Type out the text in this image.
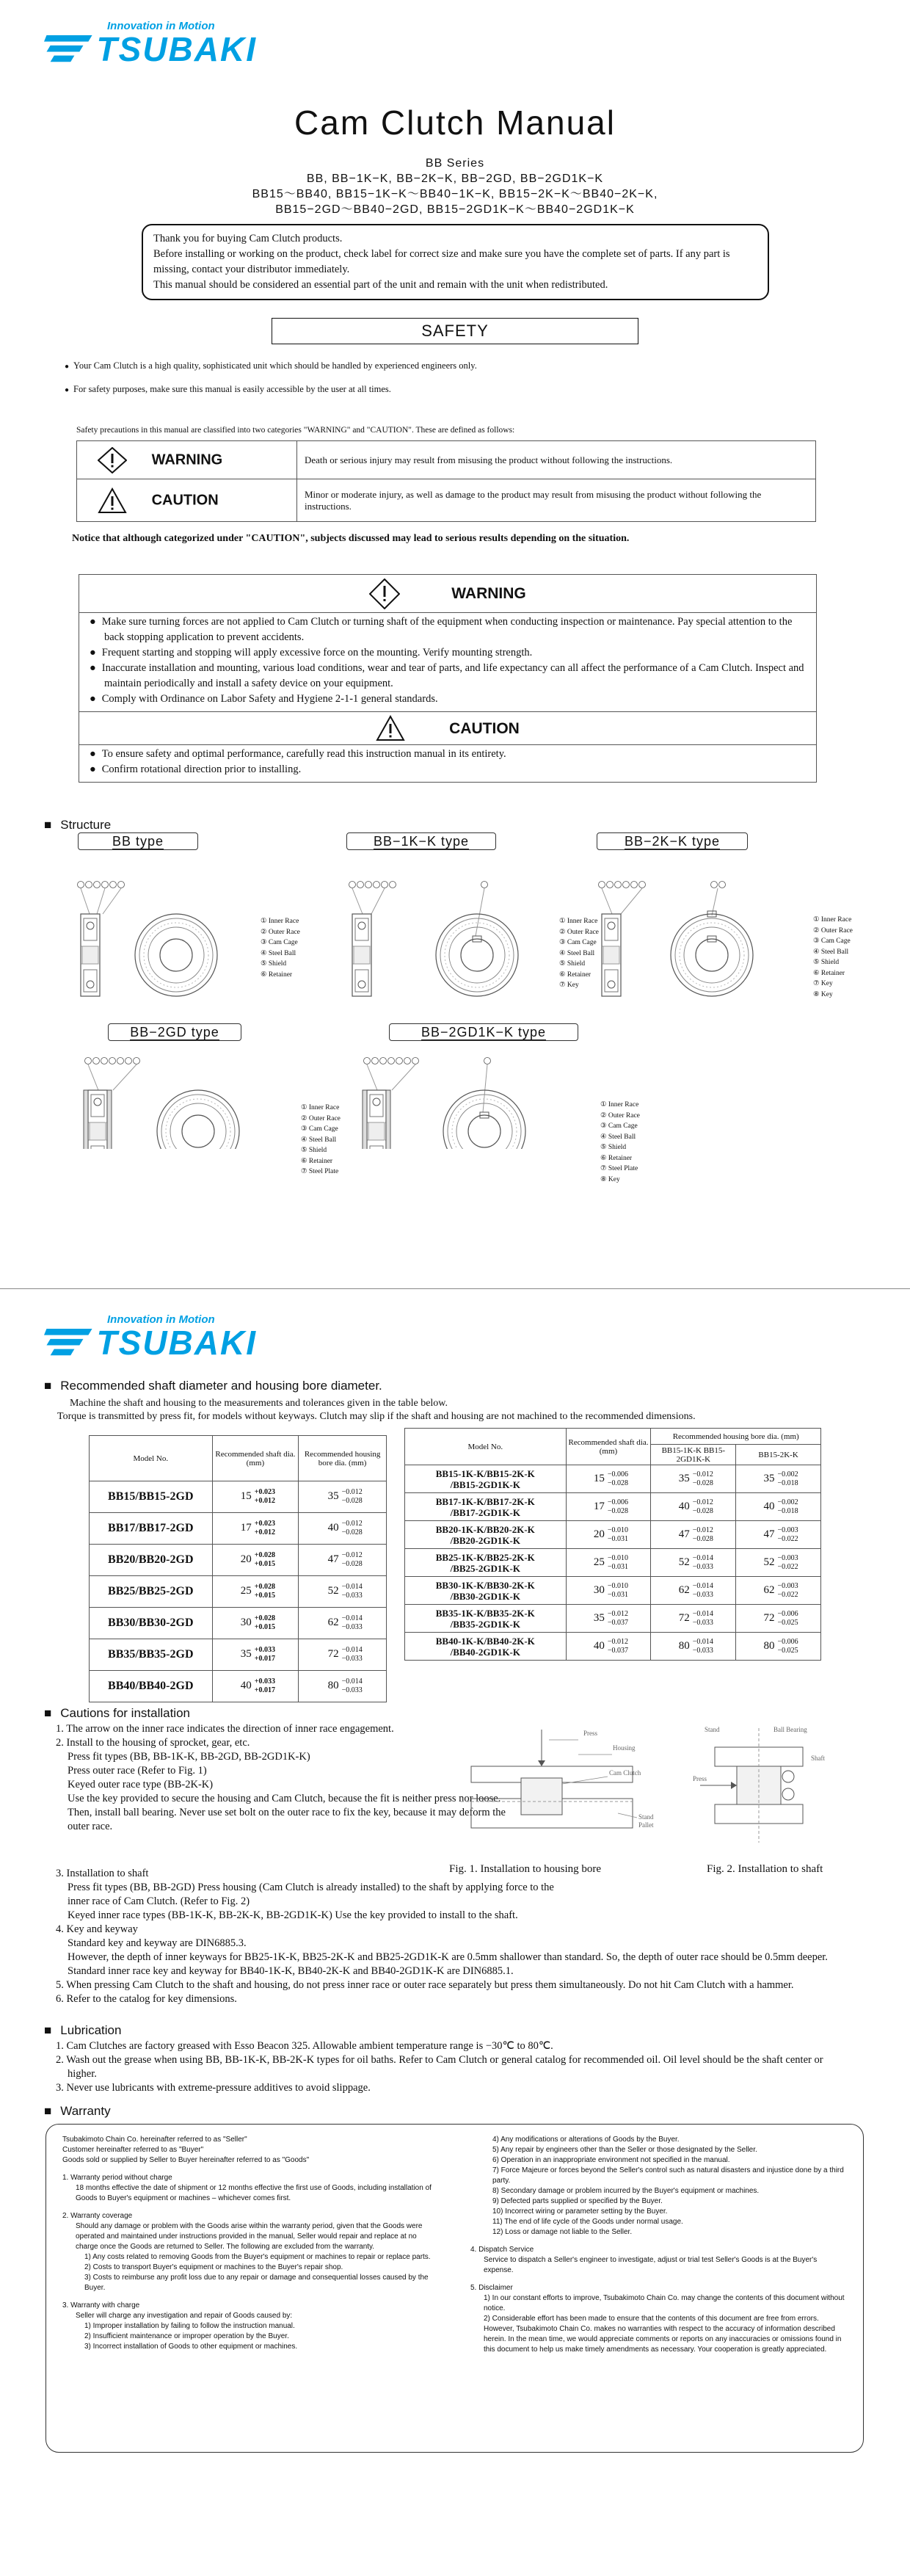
Innovation in Motion
TSUBAKI
Cam Clutch Manual
BB Series
BB, BB−1K−K, BB−2K−K, BB−2GD, BB−2GD1K−K
BB15～BB40, BB15−1K−K～BB40−1K−K, BB15−2K−K～BB40−2K−K,
BB15−2GD～BB40−2GD, BB15−2GD1K−K～BB40−2GD1K−K
Thank you for buying Cam Clutch products.
Before installing or working on the product, check label for correct size and make sure you have the complete set of parts. If any part is missing, contact your distributor immediately.
This manual should be considered an essential part of the unit and remain with the unit when redistributed.
SAFETY
● Your Cam Clutch is a high quality, sophisticated unit which should be handled by experienced engineers only.
● For safety purposes, make sure this manual is easily accessible by the user at all times.
Safety precautions in this manual are classified into two categories "WARNING" and "CAUTION". These are defined as follows:
WARNING	Death or serious injury may result from misusing the product without following the instructions.
CAUTION	Minor or moderate injury, as well as damage to the product may result from misusing the product without following the instructions.
Notice that although categorized under "CAUTION", subjects discussed may lead to serious results depending on the situation.
WARNING
● Make sure turning forces are not applied to Cam Clutch or turning shaft of the equipment when conducting inspection or maintenance. Pay special attention to the back stopping application to prevent accidents.
● Frequent starting and stopping will apply excessive force on the mounting. Verify mounting strength.
● Inaccurate installation and mounting, various load conditions, wear and tear of parts, and life expectancy can all affect the performance of a Cam Clutch. Inspect and maintain periodically and install a safety device on your equipment.
● Comply with Ordinance on Labor Safety and Hygiene 2-1-1 general standards.
CAUTION
● To ensure safety and optimal performance, carefully read this instruction manual in its entirety.
● Confirm rotational direction prior to installing.
■ Structure
BB type	BB−1K−K type	BB−2K−K type
BB−2GD type	BB−2GD1K−K type
① Inner Race
② Outer Race
③ Cam Cage
④ Steel Ball
⑤ Shield
⑥ Retainer
① Inner Race
② Outer Race
③ Cam Cage
④ Steel Ball
⑤ Shield
⑥ Retainer
⑦ Key
① Inner Race
② Outer Race
③ Cam Cage
④ Steel Ball
⑤ Shield
⑥ Retainer
⑦ Key
⑧ Key
① Inner Race
② Outer Race
③ Cam Cage
④ Steel Ball
⑤ Shield
⑥ Retainer
⑦ Steel Plate
① Inner Race
② Outer Race
③ Cam Cage
④ Steel Ball
⑤ Shield
⑥ Retainer
⑦ Steel Plate
⑧ Key
Innovation in Motion
TSUBAKI
■ Recommended shaft diameter and housing bore diameter.
Machine the shaft and housing to the measurements and tolerances given in the table below.
Torque is transmitted by press fit, for models without keyways. Clutch may slip if the shaft and housing are not machined to the recommended dimensions.
Model No.	Recommended shaft dia. (mm)	Recommended housing bore dia. (mm)
BB15/BB15-2GD	15 +0.023
+0.012	35 −0.012
−0.028
BB17/BB17-2GD	17 +0.023
+0.012	40 −0.012
−0.028
BB20/BB20-2GD	20 +0.028
+0.015	47 −0.012
−0.028
BB25/BB25-2GD	25 +0.028
+0.015	52 −0.014
−0.033
BB30/BB30-2GD	30 +0.028
+0.015	62 −0.014
−0.033
BB35/BB35-2GD	35 +0.033
+0.017	72 −0.014
−0.033
BB40/BB40-2GD	40 +0.033
+0.017	80 −0.014
−0.033
Model No.	Recommended shaft dia. (mm)	Recommended housing bore dia. (mm)	
		BB15-1K-K BB15-2GD1K-K	BB15-2K-K
BB15-1K-K/BB15-2K-K
/BB15-2GD1K-K	15 −0.006
−0.028	35 −0.012
−0.028	35 −0.002
−0.018
BB17-1K-K/BB17-2K-K
/BB17-2GD1K-K	17 −0.006
−0.028	40 −0.012
−0.028	40 −0.002
−0.018
BB20-1K-K/BB20-2K-K
/BB20-2GD1K-K	20 −0.010
−0.031	47 −0.012
−0.028	47 −0.003
−0.022
BB25-1K-K/BB25-2K-K
/BB25-2GD1K-K	25 −0.010
−0.031	52 −0.014
−0.033	52 −0.003
−0.022
BB30-1K-K/BB30-2K-K
/BB30-2GD1K-K	30 −0.010
−0.031	62 −0.014
−0.033	62 −0.003
−0.022
BB35-1K-K/BB35-2K-K
/BB35-2GD1K-K	35 −0.012
−0.037	72 −0.014
−0.033	72 −0.006
−0.025
BB40-1K-K/BB40-2K-K
/BB40-2GD1K-K	40 −0.012
−0.037	80 −0.014
−0.033	80 −0.006
−0.025
■ Cautions for installation
1. The arrow on the inner race indicates the direction of inner race engagement.
2. Install to the housing of sprocket, gear, etc.
Press fit types (BB, BB-1K-K, BB-2GD, BB-2GD1K-K)
Press outer race (Refer to Fig. 1)
Keyed outer race type (BB-2K-K)
Use the key provided to secure the housing and Cam Clutch, because the fit is neither press nor loose. Then, install ball bearing. Never use set bolt on the outer race to fix the key, because it may deform the outer race.
3. Installation to shaft
Press fit types (BB, BB-2GD) Press housing (Cam Clutch is already installed) to the shaft by applying force to the inner race of Cam Clutch. (Refer to Fig. 2)
Keyed inner race types (BB-1K-K, BB-2K-K, BB-2GD1K-K) Use the key provided to install to the shaft.
4. Key and keyway
Standard key and keyway are DIN6885.3.
However, the depth of inner keyways for BB25-1K-K, BB25-2K-K and BB25-2GD1K-K are 0.5mm shallower than standard. So, the depth of outer race should be 0.5mm deeper. Standard inner race key and keyway for BB40-1K-K, BB40-2K-K and BB40-2GD1K-K are DIN6885.1.
5. When pressing Cam Clutch to the shaft and housing, do not press inner race or outer race separately but press them simultaneously. Do not hit Cam Clutch with a hammer.
6. Refer to the catalog for key dimensions.
Press
Housing
Cam Clutch
Stand Pallet
Fig. 1. Installation to housing bore
Stand	Ball Bearing
Shaft
Press
Fig. 2. Installation to shaft
■ Lubrication
1. Cam Clutches are factory greased with Esso Beacon 325. Allowable ambient temperature range is −30℃ to 80℃.
2. Wash out the grease when using BB, BB-1K-K, BB-2K-K types for oil baths. Refer to Cam Clutch or general catalog for recommended oil. Oil level should be the shaft center or higher.
3. Never use lubricants with extreme-pressure additives to avoid slippage.
■ Warranty

Tsubakimoto Chain Co. hereinafter referred to as "Seller"

Customer hereinafter referred to as "Buyer"

Goods sold or supplied by Seller to Buyer hereinafter referred to as "Goods"

1. Warranty period without charge

18 months effective the date of shipment or 12 months effective the first use of Goods, including installation of Goods to Buyer's equipment or machines – whichever comes first.

2. Warranty coverage

Should any damage or problem with the Goods arise within the warranty period, given that the Goods were operated and maintained under instructions provided in the manual, Seller would repair and replace at no charge once the Goods are returned to Seller. The following are excluded from the warranty.

1) Any costs related to removing Goods from the Buyer's equipment or machines to repair or replace parts.

2) Costs to transport Buyer's equipment or machines to the Buyer's repair shop.

3) Costs to reimburse any profit loss due to any repair or damage and consequential losses caused by the Buyer.

3. Warranty with charge

Seller will charge any investigation and repair of Goods caused by:

1) Improper installation by failing to follow the instruction manual.

2) Insufficient maintenance or improper operation by the Buyer.

3) Incorrect installation of Goods to other equipment or machines.

4) Any modifications or alterations of Goods by the Buyer.

5) Any repair by engineers other than the Seller or those designated by the Seller.

6) Operation in an inappropriate environment not specified in the manual.

7) Force Majeure or forces beyond the Seller's control such as natural disasters and injustice done by a third party.

8) Secondary damage or problem incurred by the Buyer's equipment or machines.

9) Defected parts supplied or specified by the Buyer.

10) Incorrect wiring or parameter setting by the Buyer.

11) The end of life cycle of the Goods under normal usage.

12) Loss or damage not liable to the Seller.

4. Dispatch Service

Service to dispatch a Seller's engineer to investigate, adjust or trial test Seller's Goods is at the Buyer's expense.

5. Disclaimer

1) In our constant efforts to improve, Tsubakimoto Chain Co. may change the contents of this document without notice.

2) Considerable effort has been made to ensure that the contents of this document are free from errors. However, Tsubakimoto Chain Co. makes no warranties with respect to the accuracy of information described herein. In the mean time, we would appreciate comments or reports on any inaccuracies or omissions found in this document to help us make timely amendments as necessary. Your cooperation is greatly appreciated.
